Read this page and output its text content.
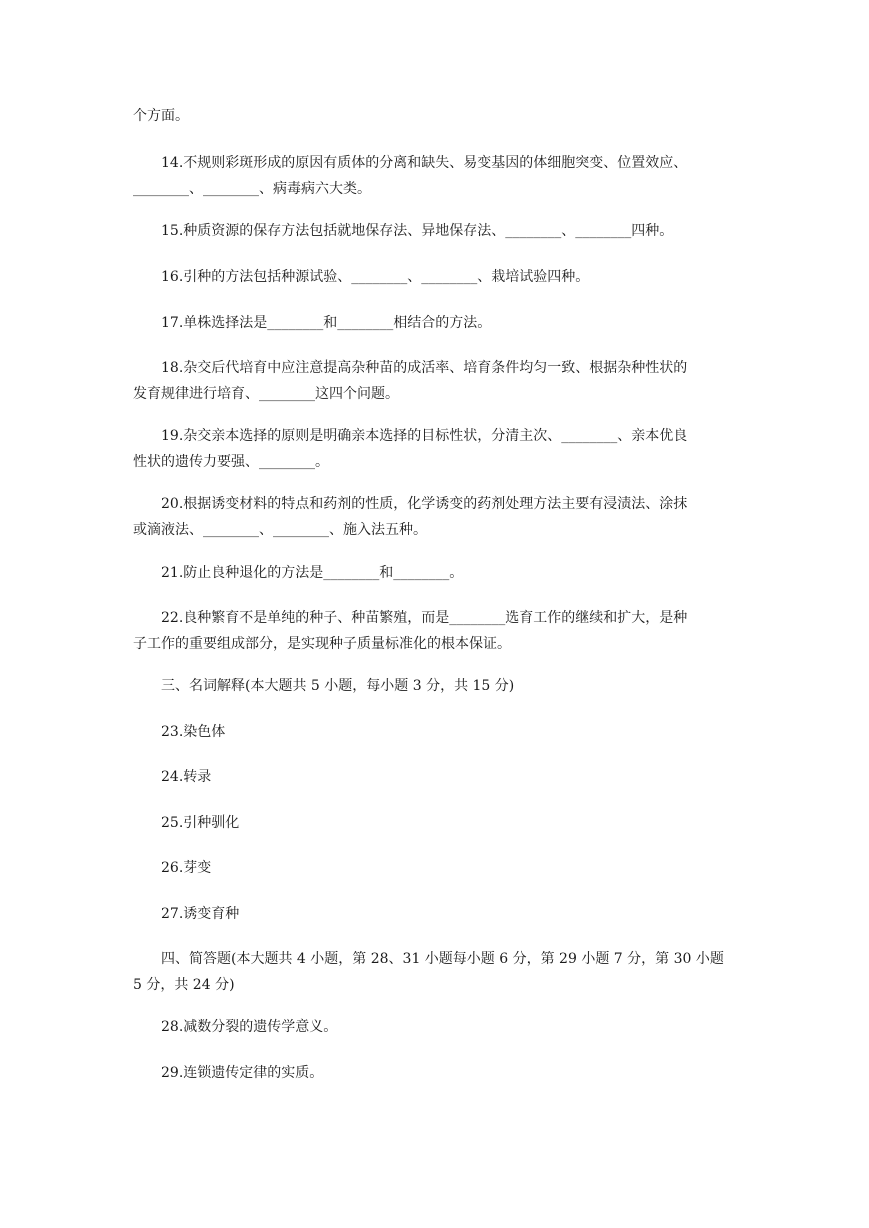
个方面。

14.不规则彩斑形成的原因有质体的分离和缺失、易变基因的体细胞突变、位置效应、
________、________、病毒病六大类。

15.种质资源的保存方法包括就地保存法、异地保存法、________、________四种。

16.引种的方法包括种源试验、________、________、栽培试验四种。

17.单株选择法是________和________相结合的方法。

18.杂交后代培育中应注意提高杂种苗的成活率、培育条件均匀一致、根据杂种性状的
发育规律进行培育、________这四个问题。

19.杂交亲本选择的原则是明确亲本选择的目标性状，分清主次、________、亲本优良
性状的遗传力要强、________。

20.根据诱变材料的特点和药剂的性质，化学诱变的药剂处理方法主要有浸渍法、涂抹
或滴液法、________、________、施入法五种。

21.防止良种退化的方法是________和________。

22.良种繁育不是单纯的种子、种苗繁殖，而是________选育工作的继续和扩大，是种
子工作的重要组成部分，是实现种子质量标准化的根本保证。

三、名词解释(本大题共 5 小题，每小题 3 分，共 15 分)

23.染色体

24.转录

25.引种驯化

26.芽变

27.诱变育种

四、简答题(本大题共 4 小题，第 28、31 小题每小题 6 分，第 29 小题 7 分，第 30 小题
5 分，共 24 分)

28.减数分裂的遗传学意义。

29.连锁遗传定律的实质。
